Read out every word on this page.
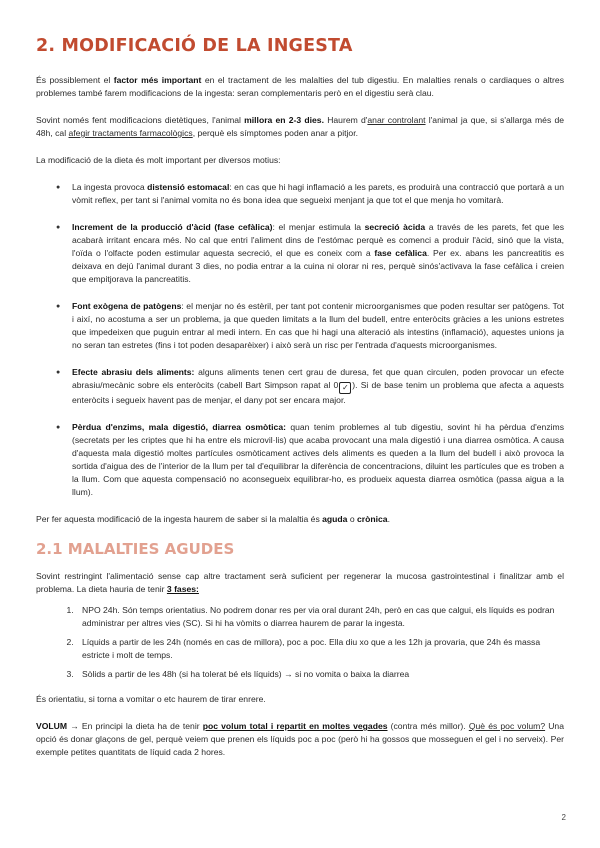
2. MODIFICACIÓ DE LA INGESTA

És possiblement el factor més important en el tractament de les malalties del tub digestiu. En malalties renals o cardiaques o altres problemes també farem modificacions de la ingesta: seran complementaris però en el digestiu serà clau.

Sovint només fent modificacions dietètiques, l'animal millora en 2-3 dies. Haurem d'anar controlant l'animal ja que, si s'allarga més de 48h, cal afegir tractaments farmacològics, perquè els símptomes poden anar a pitjor.

La modificació de la dieta és molt important per diversos motius:

● La ingesta provoca distensió estomacal: en cas que hi hagi inflamació a les parets, es produirà una contracció que portarà a un vòmit reflex, per tant si l'animal vomita no és bona idea que segueixi menjant ja que tot el que menja ho vomitarà.
● Increment de la producció d'àcid (fase cefàlica): el menjar estimula la secreció àcida a través de les parets, fet que les acabarà irritant encara més. No cal que entri l'aliment dins de l'estómac perquè es comenci a produir l'àcid, sinó que la vista, l'oïda o l'olfacte poden estimular aquesta secreció, el que es coneix com a fase cefàlica. Per ex. abans les pancreatitis es deixava en dejú l'animal durant 3 dies, no podia entrar a la cuina ni olorar ni res, perquè sinós'activava la fase cefàlica i creien que empitjorava la pancreatitis.
● Font exògena de patògens: el menjar no és estèril, per tant pot contenir microorganismes que poden resultar ser patògens. Tot i així, no acostuma a ser un problema, ja que queden limitats a la llum del budell, entre enteròcits gràcies a les unions estretes que impedeixen que puguin entrar al medi intern. En cas que hi hagi una alteració als intestins (inflamació), aquestes unions ja no seran tan estretes (fins i tot poden desaparèixer) i això serà un risc per l'entrada d'aquests microorganismes.
● Efecte abrasiu dels aliments: alguns aliments tenen cert grau de duresa, fet que quan circulen, poden provocar un efecte abrasiu/mecànic sobre els enteròcits (cabell Bart Simpson rapat al 0 ✓ ). Si de base tenim un problema que afecta a aquests enteròcits i segueix havent pas de menjar, el dany pot ser encara major.
● Pèrdua d'enzims, mala digestió, diarrea osmòtica: quan tenim problemes al tub digestiu, sovint hi ha pèrdua d'enzims (secretats per les criptes que hi ha entre els microvil·lis) que acaba provocant una mala digestió i una diarrea osmòtica. A causa d'aquesta mala digestió moltes partícules osmòticament actives dels aliments es queden a la llum del budell i això provoca la sortida d'aigua des de l'interior de la llum per tal d'equilibrar la diferència de concentracions, diluint les partícules que es troben a la llum. Com que aquesta compensació no aconsegueix equilibrar-ho, es produeix aquesta diarrea osmòtica (passa aigua a la llum).

Per fer aquesta modificació de la ingesta haurem de saber si la malaltia és aguda o crònica.

2.1 MALALTIES AGUDES

Sovint restringint l'alimentació sense cap altre tractament serà suficient per regenerar la mucosa gastrointestinal i finalitzar amb el problema. La dieta hauria de tenir 3 fases:

1. NPO 24h. Són temps orientatius. No podrem donar res per via oral durant 24h, però en cas que calgui, els líquids es podran administrar per altres vies (SC). Si hi ha vòmits o diarrea haurem de parar la ingesta.
2. Líquids a partir de les 24h (només en cas de millora), poc a poc. Ella diu xo que a les 12h ja provaria, que 24h és massa estricte i molt de temps.
3. Sòlids a partir de les 48h (si ha tolerat bé els líquids) → si no vomita o baixa la diarrea

És orientatiu, si torna a vomitar o etc haurem de tirar enrere.

VOLUM → En principi la dieta ha de tenir poc volum total i repartit en moltes vegades (contra més millor). Què és poc volum? Una opció és donar glaçons de gel, perquè veiem que prenen els líquids poc a poc (però hi ha gossos que mosseguen el gel i no serveix). Per exemple petites quantitats de líquid cada 2 hores.

2
